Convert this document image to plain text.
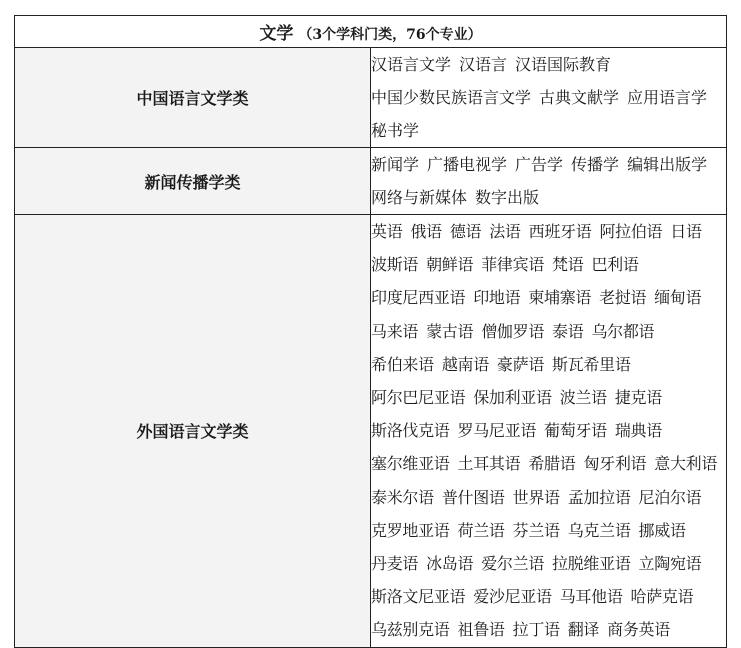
文学 （3个学科门类，76个专业）	
中国语言文学类	汉语言文学 汉语言 汉语国际教育中国少数民族语言文学 古典文献学 应用语言学秘书学
新闻传播学类	新闻学 广播电视学 广告学 传播学 编辑出版学网络与新媒体 数字出版
外国语言文学类	英语 俄语 德语 法语 西班牙语 阿拉伯语 日语波斯语 朝鲜语 菲律宾语 梵语 巴利语印度尼西亚语 印地语 柬埔寨语 老挝语 缅甸语马来语 蒙古语 僧伽罗语 泰语 乌尔都语希伯来语 越南语 豪萨语 斯瓦希里语阿尔巴尼亚语 保加利亚语 波兰语 捷克语斯洛伐克语 罗马尼亚语 葡萄牙语 瑞典语塞尔维亚语 土耳其语 希腊语 匈牙利语 意大利语泰米尔语 普什图语 世界语 孟加拉语 尼泊尔语克罗地亚语 荷兰语 芬兰语 乌克兰语 挪威语丹麦语 冰岛语 爱尔兰语 拉脱维亚语 立陶宛语斯洛文尼亚语 爱沙尼亚语 马耳他语 哈萨克语乌兹别克语 祖鲁语 拉丁语 翻译 商务英语
